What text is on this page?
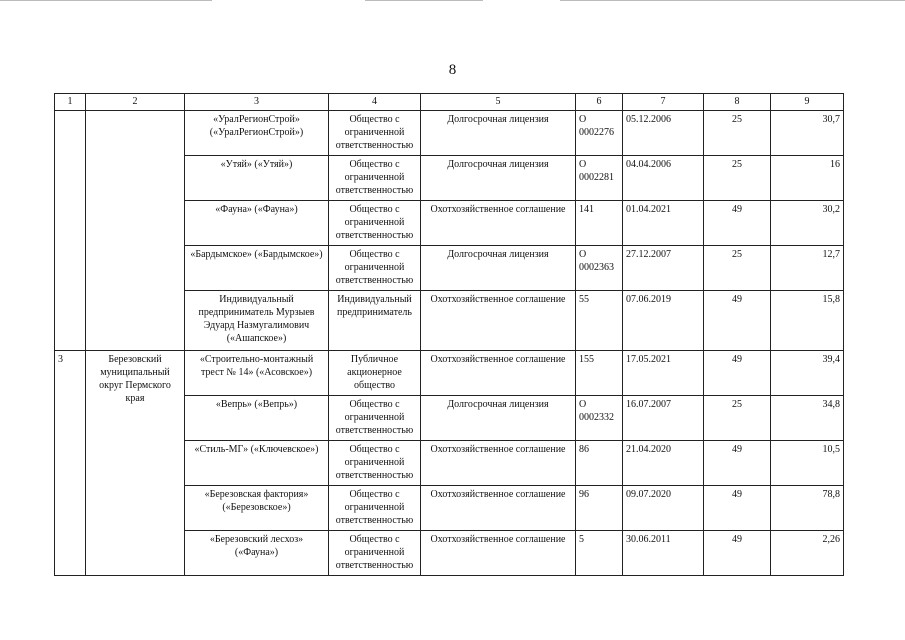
8
1	2	3	4	5	6	7	8	9
		«УралРегионСтрой» («УралРегионСтрой»)	Общество с ограниченной ответственностью	Долгосрочная лицензия	О 0002276	05.12.2006	25	30,7
		«Утяй» («Утяй»)	Общество с ограниченной ответственностью	Долгосрочная лицензия	О 0002281	04.04.2006	25	16
		«Фауна» («Фауна»)	Общество с ограниченной ответственностью	Охотхозяйственное соглашение	141	01.04.2021	49	30,2
		«Бардымское» («Бардымское»)	Общество с ограниченной ответственностью	Долгосрочная лицензия	О 0002363	27.12.2007	25	12,7
		Индивидуальный предприниматель Мурзыев Эдуард Назмугалимович («Ашапское»)	Индивидуальный предприниматель	Охотхозяйственное соглашение	55	07.06.2019	49	15,8
3	Березовский муниципальный округ Пермского края	«Строительно-монтажный трест № 14» («Асовское»)	Публичное акционерное общество	Охотхозяйственное соглашение	155	17.05.2021	49	39,4
		«Вепрь» («Вепрь»)	Общество с ограниченной ответственностью	Долгосрочная лицензия	О 0002332	16.07.2007	25	34,8
		«Стиль-МГ» («Ключевское»)	Общество с ограниченной ответственностью	Охотхозяйственное соглашение	86	21.04.2020	49	10,5
		«Березовская фактория» («Березовское»)	Общество с ограниченной ответственностью	Охотхозяйственное соглашение	96	09.07.2020	49	78,8
		«Березовский лесхоз» («Фауна»)	Общество с ограниченной ответственностью	Охотхозяйственное соглашение	5	30.06.2011	49	2,26
